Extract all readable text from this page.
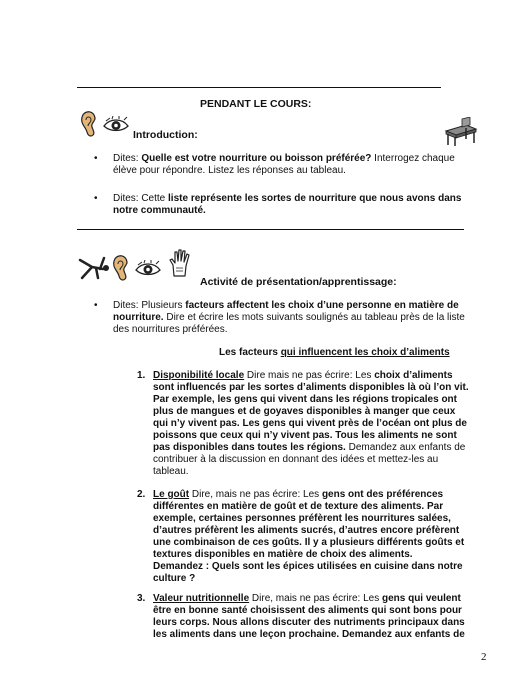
PENDANT LE COURS:
Introduction:
• Dites: Quelle est votre nourriture ou boisson préférée? Interrogez chaque
élève pour répondre. Listez les réponses au tableau.
• Dites: Cette liste représente les sortes de nourriture que nous avons dans
notre communauté.
Activité de présentation/apprentissage:
• Dites: Plusieurs facteurs affectent les choix d’une personne en matière de
nourriture. Dire et écrire les mots suivants soulignés au tableau près de la liste
des nourritures préférées.
Les facteurs qui influencent les choix d’aliments
1. Disponibilité locale Dire mais ne pas écrire: Les choix d’aliments
sont influencés par les sortes d’aliments disponibles là où l’on vit.
Par exemple, les gens qui vivent dans les régions tropicales ont
plus de mangues et de goyaves disponibles à manger que ceux
qui n’y vivent pas. Les gens qui vivent près de l’océan ont plus de
poissons que ceux qui n’y vivent pas. Tous les aliments ne sont
pas disponibles dans toutes les régions. Demandez aux enfants de
contribuer à la discussion en donnant des idées et mettez-les au
tableau.
2. Le goût Dire, mais ne pas écrire: Les gens ont des préférences
différentes en matière de goût et de texture des aliments. Par
exemple, certaines personnes préfèrent les nourritures salées,
d’autres préfèrent les aliments sucrés, d’autres encore préfèrent
une combinaison de ces goûts. Il y a plusieurs différents goûts et
textures disponibles en matière de choix des aliments.
Demandez : Quels sont les épices utilisées en cuisine dans notre
culture ?
3. Valeur nutritionnelle Dire, mais ne pas écrire: Les gens qui veulent
être en bonne santé choisissent des aliments qui sont bons pour
leurs corps. Nous allons discuter des nutriments principaux dans
les aliments dans une leçon prochaine. Demandez aux enfants de
2
